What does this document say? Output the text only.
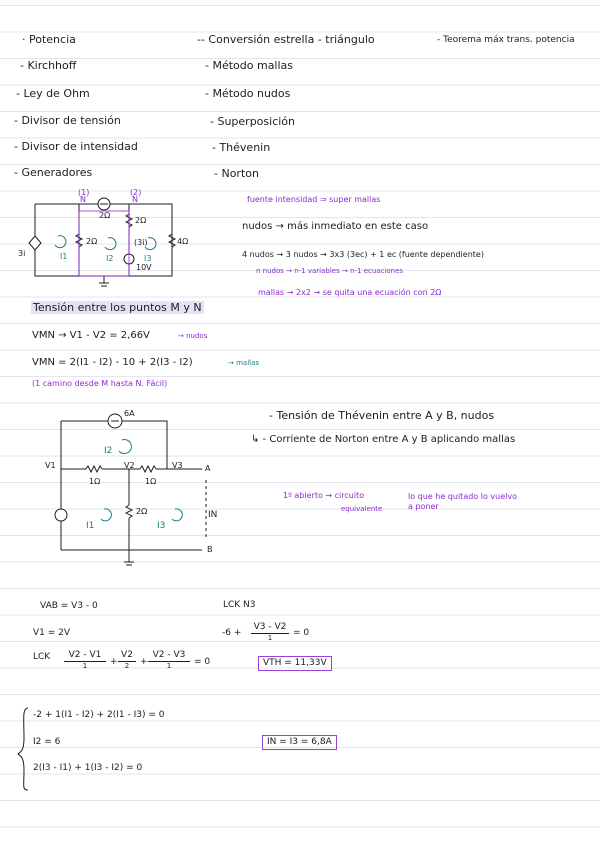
· Potencia
- Kirchhoff
- Ley de Ohm
- Divisor de tensión
- Divisor de intensidad
- Generadores
-- Conversión estrella - triángulo
- Método mallas
- Método nudos
- Superposición
- Thévenin
- Norton
- Teorema máx trans. potencia
(1)
N
(2)
N
2Ω
2Ω
2Ω	4Ω
3i	I1	I2	I3
10V
(3i)
fuente intensidad ⇒ super mallas
nudos → más inmediato en este caso
4 nudos → 3 nudos → 3x3 (3ec) + 1 ec (fuente dependiente)
n nudos → n-1 variables → n-1 ecuaciones
mallas → 2x2 → se quita una ecuación con 2Ω
Tensión entre los puntos M y N
VMN → V1 - V2 = 2,66V	→ nudos
VMN = 2(I1 - I2) - 10 + 2(I3 - I2)	→ mallas
(1 camino desde M hasta N. Fácil)
6A
V1	V2	V3	A
B
1Ω	1Ω
2Ω
I2
I1	I3
IN
- Tensión de Thévenin entre A y B, nudos
↳ - Corriente de Norton entre A y B aplicando mallas
1º abierto → circuito
equivalente
lo que he quitado lo vuelvo a poner
VAB = V3 - 0
V1 = 2V
LCK	V2 - V1
1	+
V2
2	+
V2 - V3
1	= 0
LCK N3
-6 +
V3 - V2
1	= 0
VTH = 11,33V
-2 + 1(I1 - I2) + 2(I1 - I3) = 0
I2 = 6
2(I3 - I1) + 1(I3 - I2) = 0
IN = I3 = 6,8A
